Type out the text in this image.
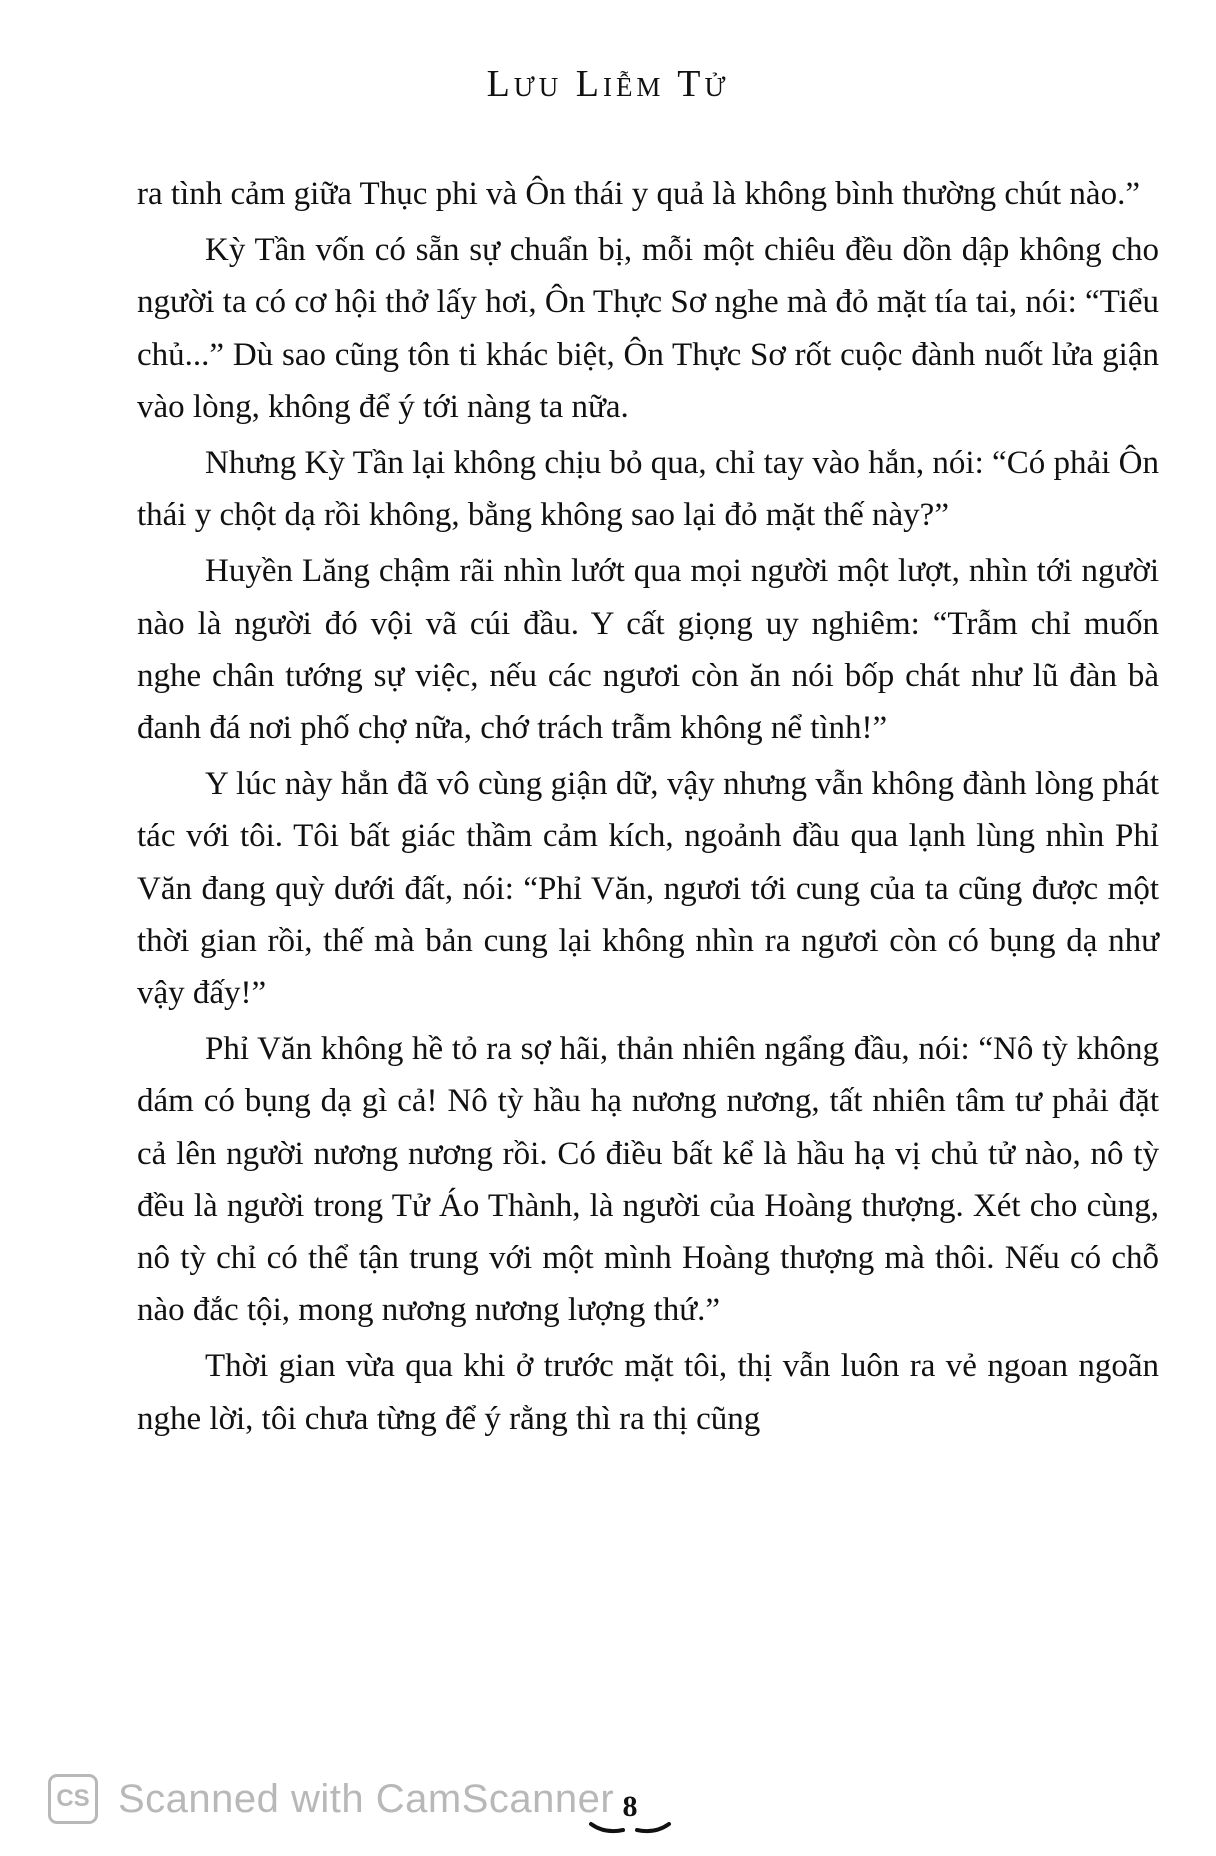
Lưu Liễm Tử

ra tình cảm giữa Thục phi và Ôn thái y quả là không bình thường chút nào.”

Kỳ Tần vốn có sẵn sự chuẩn bị, mỗi một chiêu đều dồn dập không cho người ta có cơ hội thở lấy hơi, Ôn Thực Sơ nghe mà đỏ mặt tía tai, nói: “Tiểu chủ...” Dù sao cũng tôn ti khác biệt, Ôn Thực Sơ rốt cuộc đành nuốt lửa giận vào lòng, không để ý tới nàng ta nữa.

Nhưng Kỳ Tần lại không chịu bỏ qua, chỉ tay vào hắn, nói: “Có phải Ôn thái y chột dạ rồi không, bằng không sao lại đỏ mặt thế này?”

Huyền Lăng chậm rãi nhìn lướt qua mọi người một lượt, nhìn tới người nào là người đó vội vã cúi đầu. Y cất giọng uy nghiêm: “Trẫm chỉ muốn nghe chân tướng sự việc, nếu các ngươi còn ăn nói bốp chát như lũ đàn bà đanh đá nơi phố chợ nữa, chớ trách trẫm không nể tình!”

Y lúc này hẳn đã vô cùng giận dữ, vậy nhưng vẫn không đành lòng phát tác với tôi. Tôi bất giác thầm cảm kích, ngoảnh đầu qua lạnh lùng nhìn Phỉ Văn đang quỳ dưới đất, nói: “Phỉ Văn, ngươi tới cung của ta cũng được một thời gian rồi, thế mà bản cung lại không nhìn ra ngươi còn có bụng dạ như vậy đấy!”

Phỉ Văn không hề tỏ ra sợ hãi, thản nhiên ngẩng đầu, nói: “Nô tỳ không dám có bụng dạ gì cả! Nô tỳ hầu hạ nương nương, tất nhiên tâm tư phải đặt cả lên người nương nương rồi. Có điều bất kể là hầu hạ vị chủ tử nào, nô tỳ đều là người trong Tử Áo Thành, là người của Hoàng thượng. Xét cho cùng, nô tỳ chỉ có thể tận trung với một mình Hoàng thượng mà thôi. Nếu có chỗ nào đắc tội, mong nương nương lượng thứ.”

Thời gian vừa qua khi ở trước mặt tôi, thị vẫn luôn ra vẻ ngoan ngoãn nghe lời, tôi chưa từng để ý rằng thì ra thị cũng

CS Scanned with CamScanner 8
